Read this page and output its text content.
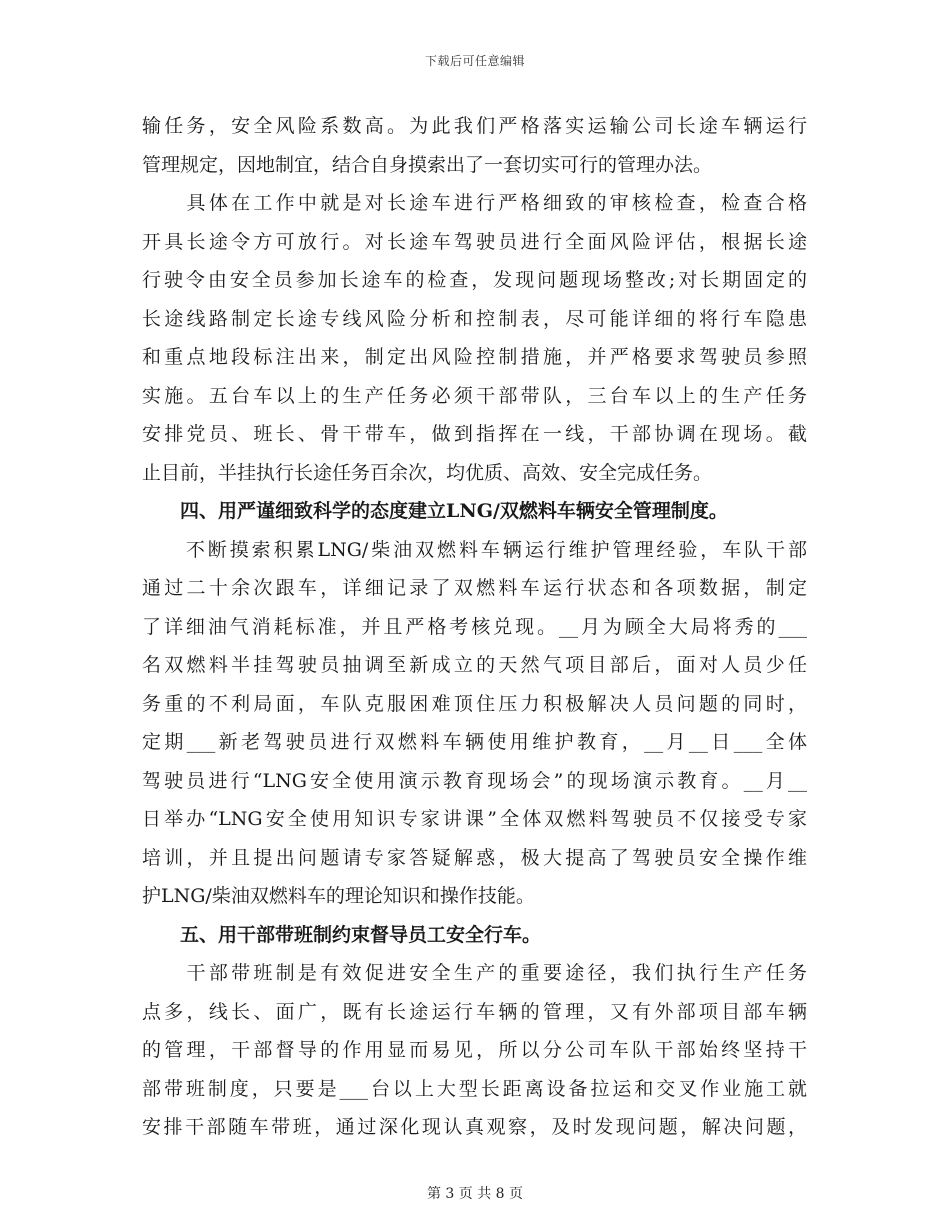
下载后可任意编辑
输任务，安全风险系数高。为此我们严格落实运输公司长途车辆运行
管理规定，因地制宜，结合自身摸索出了一套切实可行的管理办法。
　　具体在工作中就是对长途车进行严格细致的审核检查，检查合格
开具长途令方可放行。对长途车驾驶员进行全面风险评估，根据长途
行驶令由安全员参加长途车的检查，发现问题现场整改;对长期固定的
长途线路制定长途专线风险分析和控制表，尽可能详细的将行车隐患
和重点地段标注出来，制定出风险控制措施，并严格要求驾驶员参照
实施。五台车以上的生产任务必须干部带队，三台车以上的生产任务
安排党员、班长、骨干带车，做到指挥在一线，干部协调在现场。截
止目前，半挂执行长途任务百余次，均优质、高效、安全完成任务。
　　四、用严谨细致科学的态度建立LNG/双燃料车辆安全管理制度。
　　不断摸索积累LNG/柴油双燃料车辆运行维护管理经验，车队干部
通过二十余次跟车，详细记录了双燃料车运行状态和各项数据，制定
了详细油气消耗标准，并且严格考核兑现。__月为顾全大局将秀的___
名双燃料半挂驾驶员抽调至新成立的天然气项目部后，面对人员少任
务重的不利局面，车队克服困难顶住压力积极解决人员问题的同时，
定期___新老驾驶员进行双燃料车辆使用维护教育，__月__日___全体
驾驶员进行“LNG安全使用演示教育现场会”的现场演示教育。__月__
日举办“LNG安全使用知识专家讲课”全体双燃料驾驶员不仅接受专家
培训，并且提出问题请专家答疑解惑，极大提高了驾驶员安全操作维
护LNG/柴油双燃料车的理论知识和操作技能。
　　五、用干部带班制约束督导员工安全行车。
　　干部带班制是有效促进安全生产的重要途径，我们执行生产任务
点多，线长、面广，既有长途运行车辆的管理，又有外部项目部车辆
的管理，干部督导的作用显而易见，所以分公司车队干部始终坚持干
部带班制度，只要是___台以上大型长距离设备拉运和交叉作业施工就
安排干部随车带班，通过深化现认真观察，及时发现问题，解决问题，
第 3 页 共 8 页
